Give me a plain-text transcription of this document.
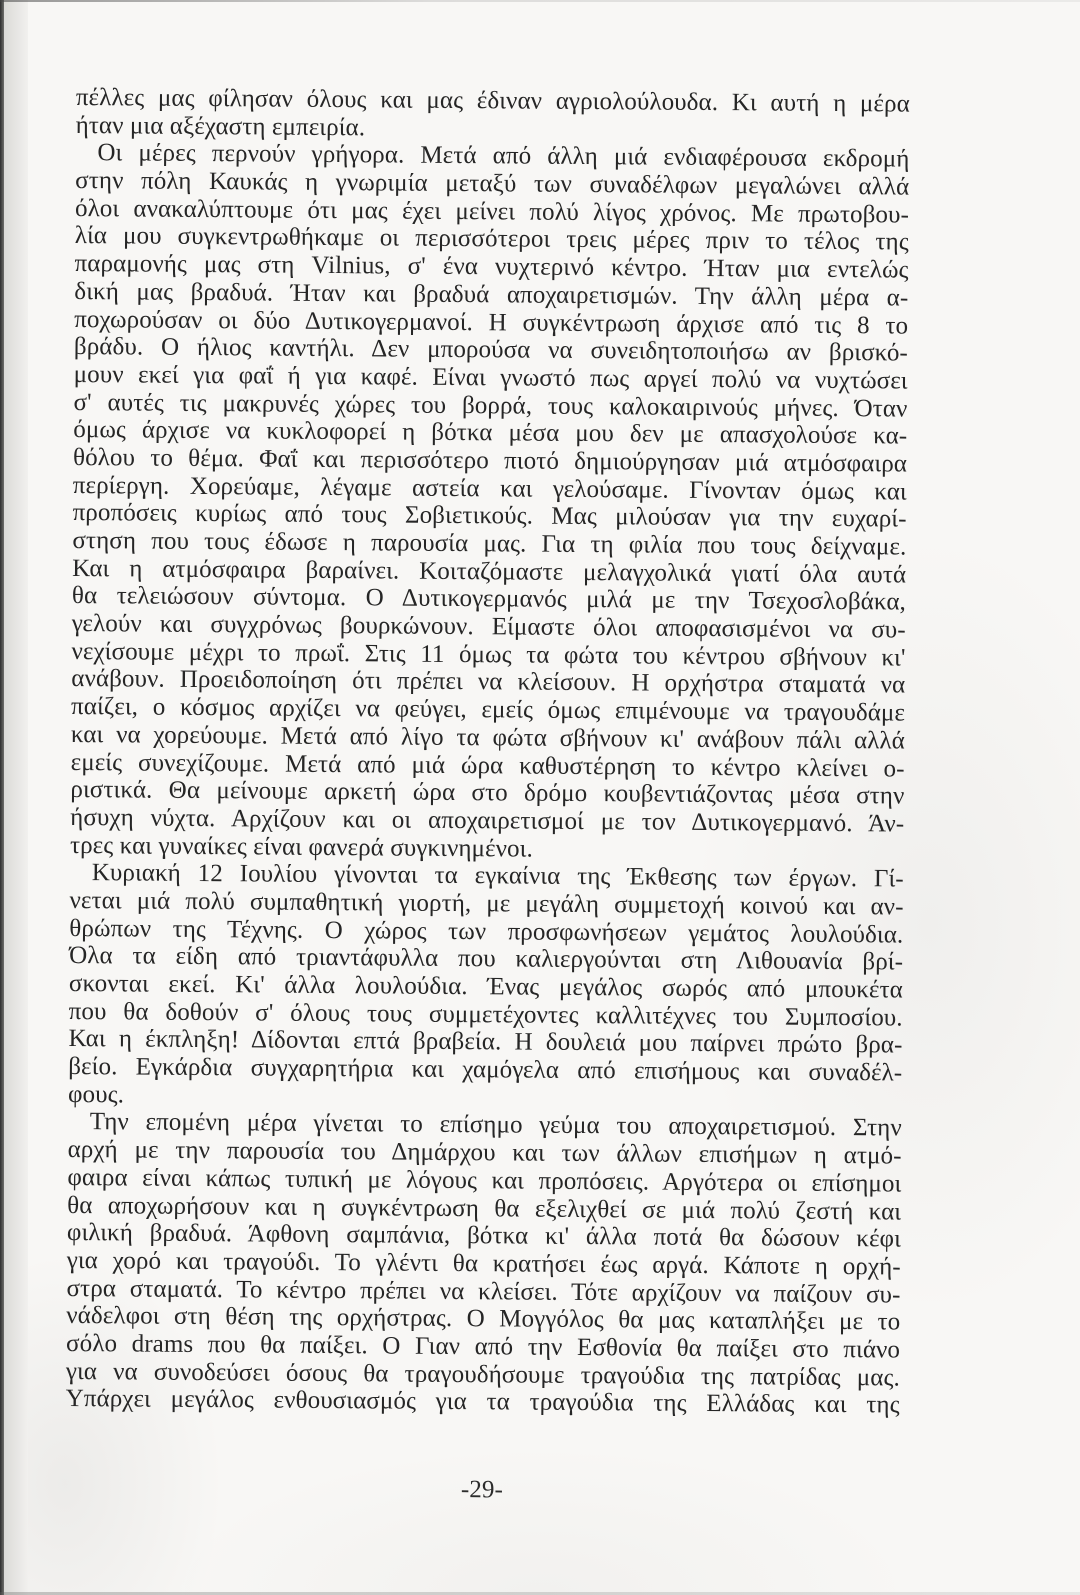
πέλλες μας φίλησαν όλους και μας έδιναν αγριολούλουδα. Κι αυτή η μέρα
ήταν μια αξέχαστη εμπειρία.
Οι μέρες περνούν γρήγορα. Μετά από άλλη μιά ενδιαφέρουσα εκδρομή
στην πόλη Καυκάς η γνωριμία μεταξύ των συναδέλφων μεγαλώνει αλλά
όλοι ανακαλύπτουμε ότι μας έχει μείνει πολύ λίγος χρόνος. Με πρωτοβου-
λία μου συγκεντρωθήκαμε οι περισσότεροι τρεις μέρες πριν το τέλος της
παραμονής μας στη Vilnius, σ' ένα νυχτερινό κέντρο. Ήταν μια εντελώς
δική μας βραδυά. Ήταν και βραδυά αποχαιρετισμών. Την άλλη μέρα α-
ποχωρούσαν οι δύο Δυτικογερμανοί. Η συγκέντρωση άρχισε από τις 8 το
βράδυ. Ο ήλιος καντήλι. Δεν μπορούσα να συνειδητοποιήσω αν βρισκό-
μουν εκεί για φαΐ ή για καφέ. Είναι γνωστό πως αργεί πολύ να νυχτώσει
σ' αυτές τις μακρυνές χώρες του βορρά, τους καλοκαιρινούς μήνες. Όταν
όμως άρχισε να κυκλοφορεί η βότκα μέσα μου δεν με απασχολούσε κα-
θόλου το θέμα. Φαΐ και περισσότερο πιοτό δημιούργησαν μιά ατμόσφαιρα
περίεργη. Χορεύαμε, λέγαμε αστεία και γελούσαμε. Γίνονταν όμως και
προπόσεις κυρίως από τους Σοβιετικούς. Μας μιλούσαν για την ευχαρί-
στηση που τους έδωσε η παρουσία μας. Για τη φιλία που τους δείχναμε.
Και η ατμόσφαιρα βαραίνει. Κοιταζόμαστε μελαγχολικά γιατί όλα αυτά
θα τελειώσουν σύντομα. Ο Δυτικογερμανός μιλά με την Τσεχοσλοβάκα,
γελούν και συγχρόνως βουρκώνουν. Είμαστε όλοι αποφασισμένοι να συ-
νεχίσουμε μέχρι το πρωΐ. Στις 11 όμως τα φώτα του κέντρου σβήνουν κι'
ανάβουν. Προειδοποίηση ότι πρέπει να κλείσουν. Η ορχήστρα σταματά να
παίζει, ο κόσμος αρχίζει να φεύγει, εμείς όμως επιμένουμε να τραγουδάμε
και να χορεύουμε. Μετά από λίγο τα φώτα σβήνουν κι' ανάβουν πάλι αλλά
εμείς συνεχίζουμε. Μετά από μιά ώρα καθυστέρηση το κέντρο κλείνει ο-
ριστικά. Θα μείνουμε αρκετή ώρα στο δρόμο κουβεντιάζοντας μέσα στην
ήσυχη νύχτα. Αρχίζουν και οι αποχαιρετισμοί με τον Δυτικογερμανό. Άν-
τρες και γυναίκες είναι φανερά συγκινημένοι.
Κυριακή 12 Ιουλίου γίνονται τα εγκαίνια της Έκθεσης των έργων. Γί-
νεται μιά πολύ συμπαθητική γιορτή, με μεγάλη συμμετοχή κοινού και αν-
θρώπων της Τέχνης. Ο χώρος των προσφωνήσεων γεμάτος λουλούδια.
Όλα τα είδη από τριαντάφυλλα που καλιεργούνται στη Λιθουανία βρί-
σκονται εκεί. Κι' άλλα λουλούδια. Ένας μεγάλος σωρός από μπουκέτα
που θα δοθούν σ' όλους τους συμμετέχοντες καλλιτέχνες του Συμποσίου.
Και η έκπληξη! Δίδονται επτά βραβεία. Η δουλειά μου παίρνει πρώτο βρα-
βείο. Εγκάρδια συγχαρητήρια και χαμόγελα από επισήμους και συναδέλ-
φους.
Την επομένη μέρα γίνεται το επίσημο γεύμα του αποχαιρετισμού. Στην
αρχή με την παρουσία του Δημάρχου και των άλλων επισήμων η ατμό-
φαιρα είναι κάπως τυπική με λόγους και προπόσεις. Αργότερα οι επίσημοι
θα αποχωρήσουν και η συγκέντρωση θα εξελιχθεί σε μιά πολύ ζεστή και
φιλική βραδυά. Άφθονη σαμπάνια, βότκα κι' άλλα ποτά θα δώσουν κέφι
για χορό και τραγούδι. Το γλέντι θα κρατήσει έως αργά. Κάποτε η ορχή-
στρα σταματά. Το κέντρο πρέπει να κλείσει. Τότε αρχίζουν να παίζουν συ-
νάδελφοι στη θέση της ορχήστρας. Ο Μογγόλος θα μας καταπλήξει με το
σόλο drams που θα παίξει. Ο Γιαν από την Εσθονία θα παίξει στο πιάνο
για να συνοδεύσει όσους θα τραγουδήσουμε τραγούδια της πατρίδας μας.
Υπάρχει μεγάλος ενθουσιασμός για τα τραγούδια της Ελλάδας και της
-29-
